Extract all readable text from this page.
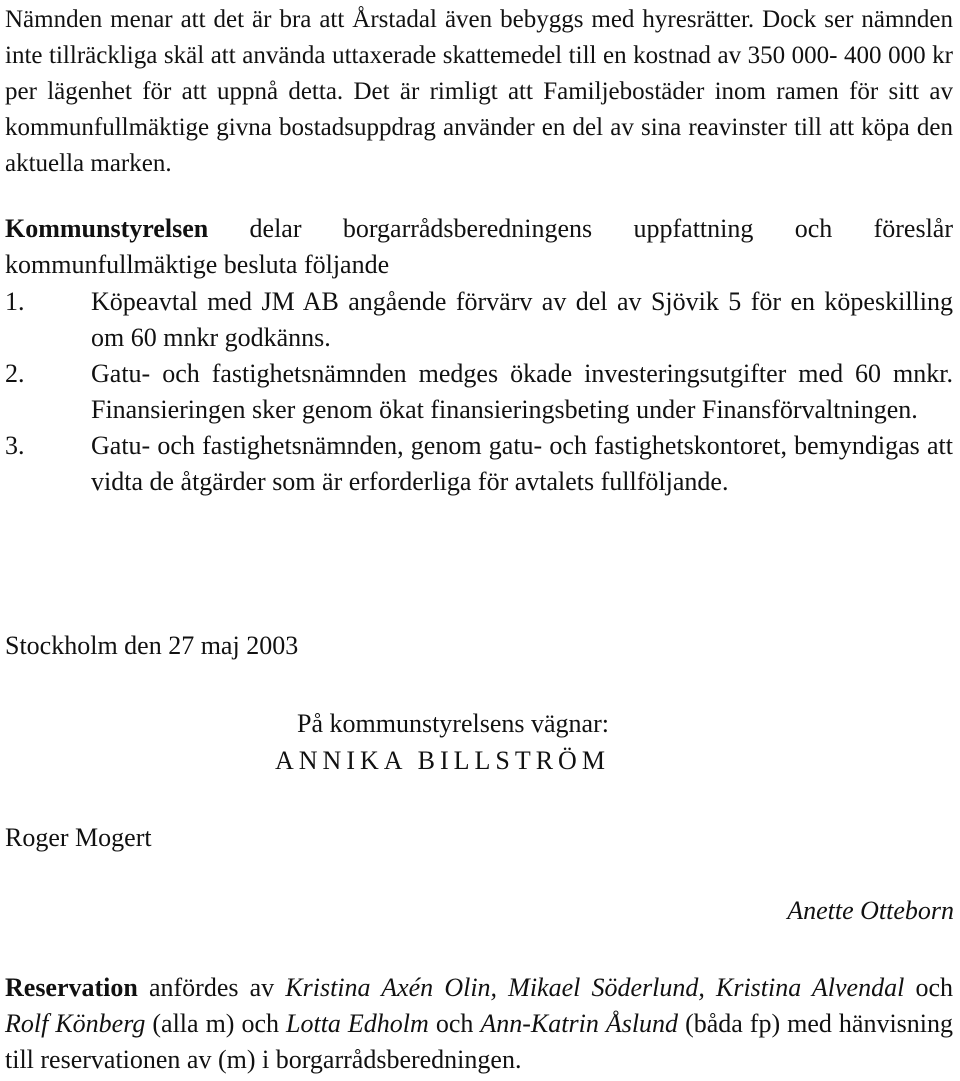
Nämnden menar att det är bra att Årstadal även bebyggs med hyresrätter. Dock ser nämnden inte tillräckliga skäl att använda uttaxerade skattemedel till en kostnad av 350 000- 400 000 kr per lägenhet för att uppnå detta. Det är rimligt att Familjebostäder inom ramen för sitt av kommunfullmäktige givna bostadsuppdrag använder en del av sina reavinster till att köpa den aktuella marken.

Kommunstyrelsen delar borgarrådsberedningens uppfattning och föreslår kommunfullmäktige besluta följande

1.	Köpeavtal med JM AB angående förvärv av del av Sjövik 5 för en köpeskilling om 60 mnkr godkänns.
2.	Gatu- och fastighetsnämnden medges ökade investeringsutgifter med 60 mnkr. Finansieringen sker genom ökat finansieringsbeting under Finansförvaltningen.
3.	Gatu- och fastighetsnämnden, genom gatu- och fastighetskontoret, bemyndigas att vidta de åtgärder som är erforderliga för avtalets fullföljande.

Stockholm den 27 maj 2003

På kommunstyrelsens vägnar:

ANNIKA BILLSTRÖM

Roger Mogert

Anette Otteborn

Reservation anfördes av Kristina Axén Olin, Mikael Söderlund, Kristina Alvendal och Rolf Könberg (alla m) och Lotta Edholm och Ann-Katrin Åslund (båda fp) med hänvisning till reservationen av (m) i borgarrådsberedningen.
